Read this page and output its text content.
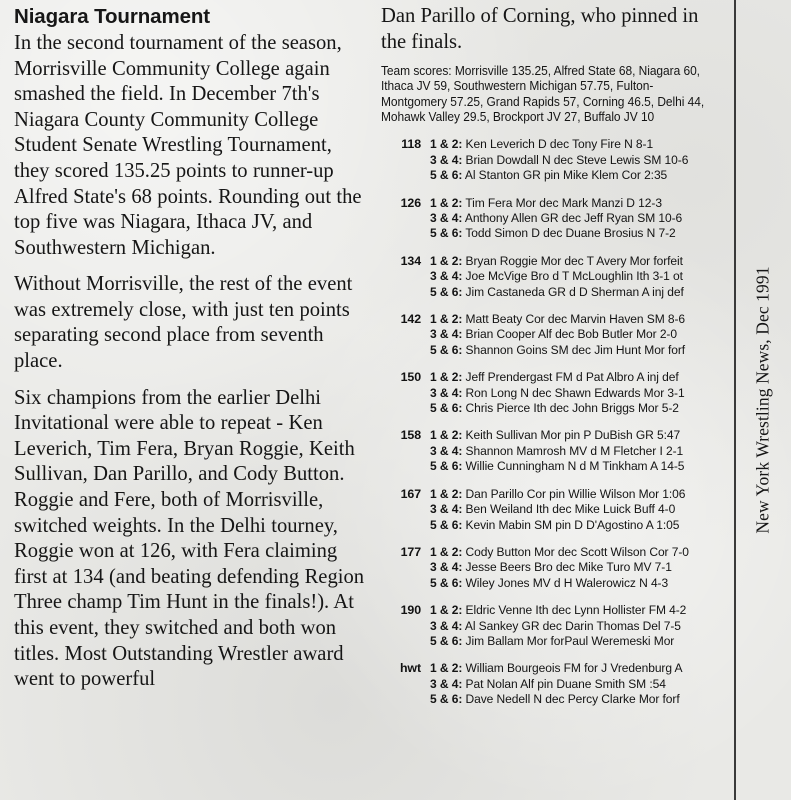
Niagara Tournament

In the second tournament of the season, Morrisville Community College again smashed the field. In December 7th's Niagara County Community College Student Senate Wrestling Tournament, they scored 135.25 points to runner-up Alfred State's 68 points. Rounding out the top five was Niagara, Ithaca JV, and Southwestern Michigan.

Without Morrisville, the rest of the event was extremely close, with just ten points separating second place from seventh place.

Six champions from the earlier Delhi Invitational were able to repeat - Ken Leverich, Tim Fera, Bryan Roggie, Keith Sullivan, Dan Parillo, and Cody Button. Roggie and Fere, both of Morrisville, switched weights. In the Delhi tourney, Roggie won at 126, with Fera claiming first at 134 (and beating defending Region Three champ Tim Hunt in the finals!). At this event, they switched and both won titles. Most Outstanding Wrestler award went to powerful

Dan Parillo of Corning, who pinned in the finals.

Team scores: Morrisville 135.25, Alfred State 68, Niagara 60, Ithaca JV 59, Southwestern Michigan 57.75, Fulton-Montgomery 57.25, Grand Rapids 57, Corning 46.5, Delhi 44, Mohawk Valley 29.5, Brockport JV 27, Buffalo JV 10

118 1 & 2: Ken Leverich D dec Tony Fire N 8-1
3 & 4: Brian Dowdall N dec Steve Lewis SM 10-6
5 & 6: Al Stanton GR pin Mike Klem Cor 2:35
126 1 & 2: Tim Fera Mor dec Mark Manzi D 12-3
3 & 4: Anthony Allen GR dec Jeff Ryan SM 10-6
5 & 6: Todd Simon D dec Duane Brosius N 7-2
134 1 & 2: Bryan Roggie Mor dec T Avery Mor forfeit
3 & 4: Joe McVige Bro d T McLoughlin Ith 3-1 ot
5 & 6: Jim Castaneda GR d D Sherman A inj def
142 1 & 2: Matt Beaty Cor dec Marvin Haven SM 8-6
3 & 4: Brian Cooper Alf dec Bob Butler Mor 2-0
5 & 6: Shannon Goins SM dec Jim Hunt Mor forf
150 1 & 2: Jeff Prendergast FM d Pat Albro A inj def
3 & 4: Ron Long N dec Shawn Edwards Mor 3-1
5 & 6: Chris Pierce Ith dec John Briggs Mor 5-2
158 1 & 2: Keith Sullivan Mor pin P DuBish GR 5:47
3 & 4: Shannon Mamrosh MV d M Fletcher I 2-1
5 & 6: Willie Cunningham N d M Tinkham A 14-5
167 1 & 2: Dan Parillo Cor pin Willie Wilson Mor 1:06
3 & 4: Ben Weiland Ith dec Mike Luick Buff 4-0
5 & 6: Kevin Mabin SM pin D D'Agostino A 1:05
177 1 & 2: Cody Button Mor dec Scott Wilson Cor 7-0
3 & 4: Jesse Beers Bro dec Mike Turo MV 7-1
5 & 6: Wiley Jones MV d H Walerowicz N 4-3
190 1 & 2: Eldric Venne Ith dec Lynn Hollister FM 4-2
3 & 4: Al Sankey GR dec Darin Thomas Del 7-5
5 & 6: Jim Ballam Mor forPaul Weremeski Mor
hwt 1 & 2: William Bourgeois FM for J Vredenburg A
3 & 4: Pat Nolan Alf pin Duane Smith SM :54
5 & 6: Dave Nedell N dec Percy Clarke Mor forf
New York Wrestling News, Dec 1991
